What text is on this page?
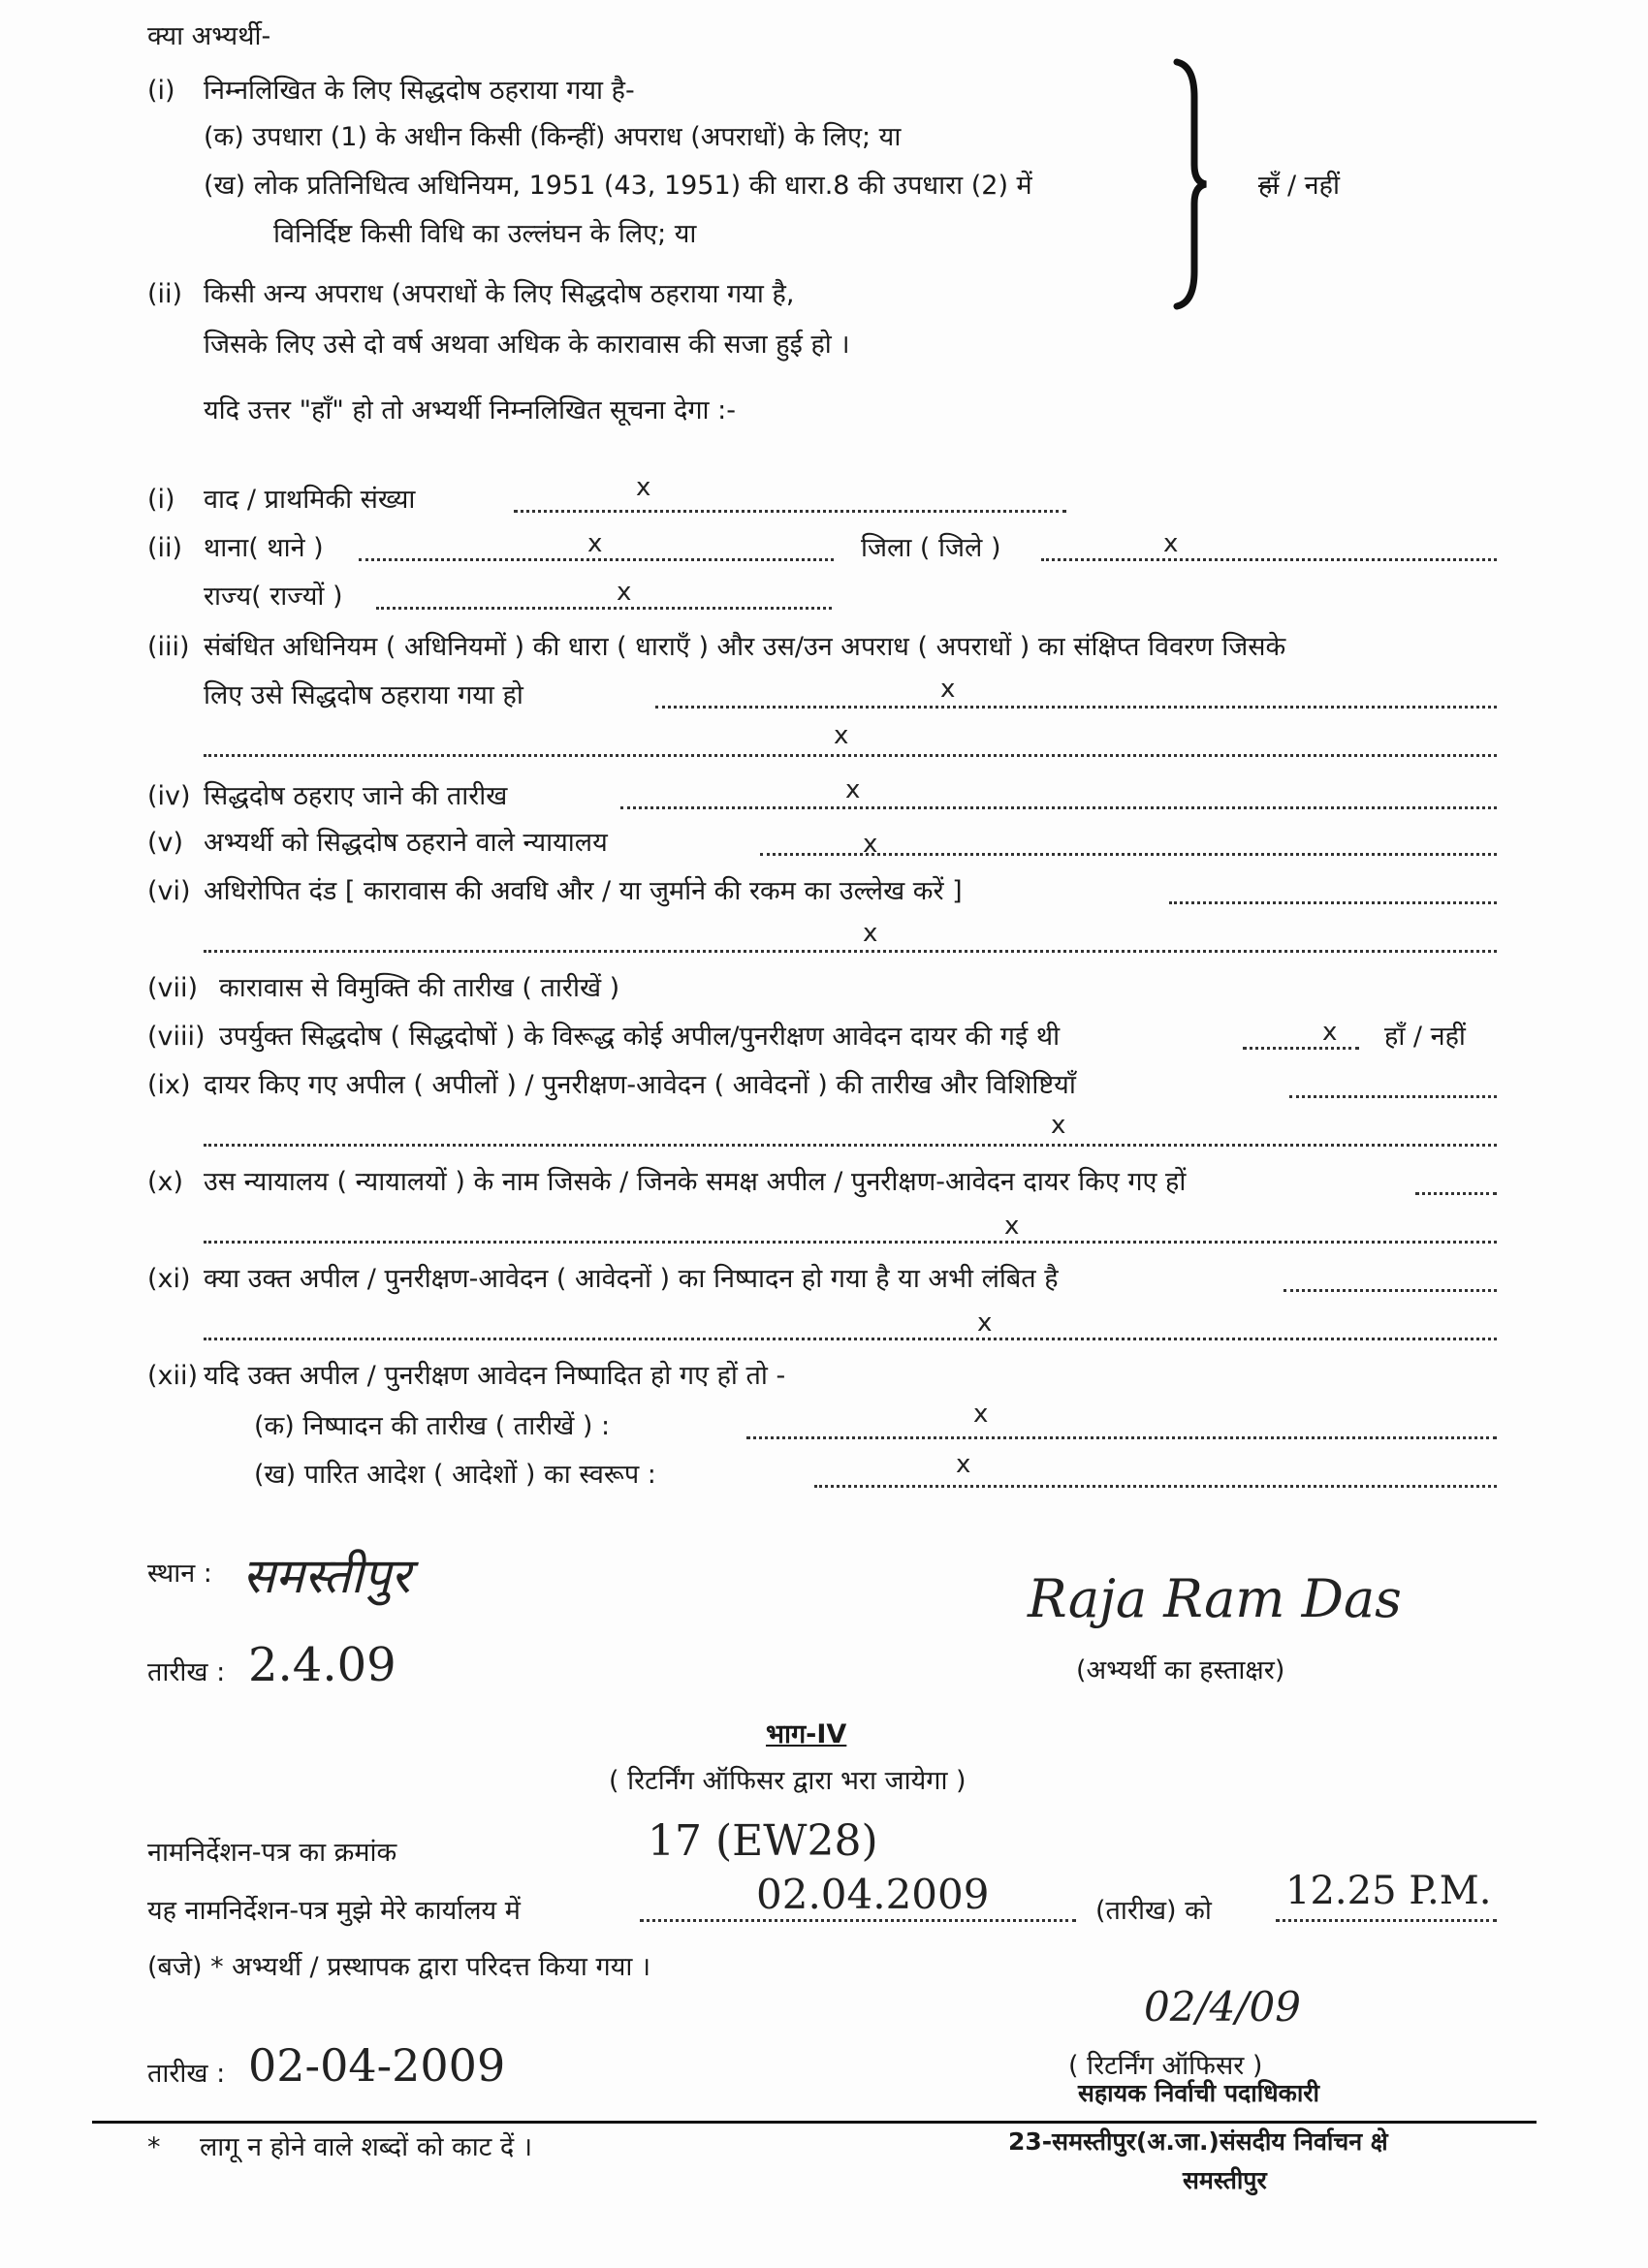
क्या अभ्यर्थी-
(i) निम्नलिखित के लिए सिद्धदोष ठहराया गया है-
(क) उपधारा (1) के अधीन किसी (किन्हीं) अपराध (अपराधों) के लिए; या
(ख) लोक प्रतिनिधित्व अधिनियम, 1951 (43, 1951) की धारा.8 की उपधारा (2) में
विनिर्दिष्ट किसी विधि का उल्लंघन के लिए; या
हाँ / नहीं
(ii) किसी अन्य अपराध (अपराधों के लिए सिद्धदोष ठहराया गया है,
जिसके लिए उसे दो वर्ष अथवा अधिक के कारावास की सजा हुई हो ।
यदि उत्तर "हाँ" हो तो अभ्यर्थी निम्नलिखित सूचना देगा :-
(i) वाद / प्राथमिकी संख्या	x
(ii) थाना( थाने )	x	जिला ( जिले )	x
राज्य( राज्यों )	x
(iii) संबंधित अधिनियम ( अधिनियमों ) की धारा ( धाराएँ ) और उस/उन अपराध ( अपराधों ) का संक्षिप्त विवरण जिसके
लिए उसे सिद्धदोष ठहराया गया हो	x
x
(iv) सिद्धदोष ठहराए जाने की तारीख	x
(v) अभ्यर्थी को सिद्धदोष ठहराने वाले न्यायालय	x
(vi) अधिरोपित दंड [ कारावास की अवधि और / या जुर्माने की रकम का उल्लेख करें ]
x
(vii) कारावास से विमुक्ति की तारीख ( तारीखें )
(viii) उपर्युक्त सिद्धदोष ( सिद्धदोषों ) के विरूद्ध कोई अपील/पुनरीक्षण आवेदन दायर की गई थी	x हाँ / नहीं
(ix) दायर किए गए अपील ( अपीलों ) / पुनरीक्षण-आवेदन ( आवेदनों ) की तारीख और विशिष्टियाँ
x
(x) उस न्यायालय ( न्यायालयों ) के नाम जिसके / जिनके समक्ष अपील / पुनरीक्षण-आवेदन दायर किए गए हों
x
(xi) क्या उक्त अपील / पुनरीक्षण-आवेदन ( आवेदनों ) का निष्पादन हो गया है या अभी लंबित है
x
(xii) यदि उक्त अपील / पुनरीक्षण आवेदन निष्पादित हो गए हों तो -
(क) निष्पादन की तारीख ( तारीखें ) :	x
(ख) पारित आदेश ( आदेशों ) का स्वरूप :	x
स्थान : समस्तीपुर	Raja Ram Das
तारीख : 2.4.09	(अभ्यर्थी का हस्ताक्षर)
भाग-IV
( रिटर्निंग ऑफिसर द्वारा भरा जायेगा )
नामनिर्देशन-पत्र का क्रमांक	17 (EW28)
यह नामनिर्देशन-पत्र मुझे मेरे कार्यालय में	02.04.2009	(तारीख) को 12.25 P.M.
(बजे) * अभ्यर्थी / प्रस्थापक द्वारा परिदत्त किया गया ।
02/4/09
तारीख : 02-04-2009	( रिटर्निंग ऑफिसर )
सहायक निर्वाची पदाधिकारी
* लागू न होने वाले शब्दों को काट दें ।	23-समस्तीपुर(अ.जा.)संसदीय निर्वाचन क्षे
समस्तीपुर
